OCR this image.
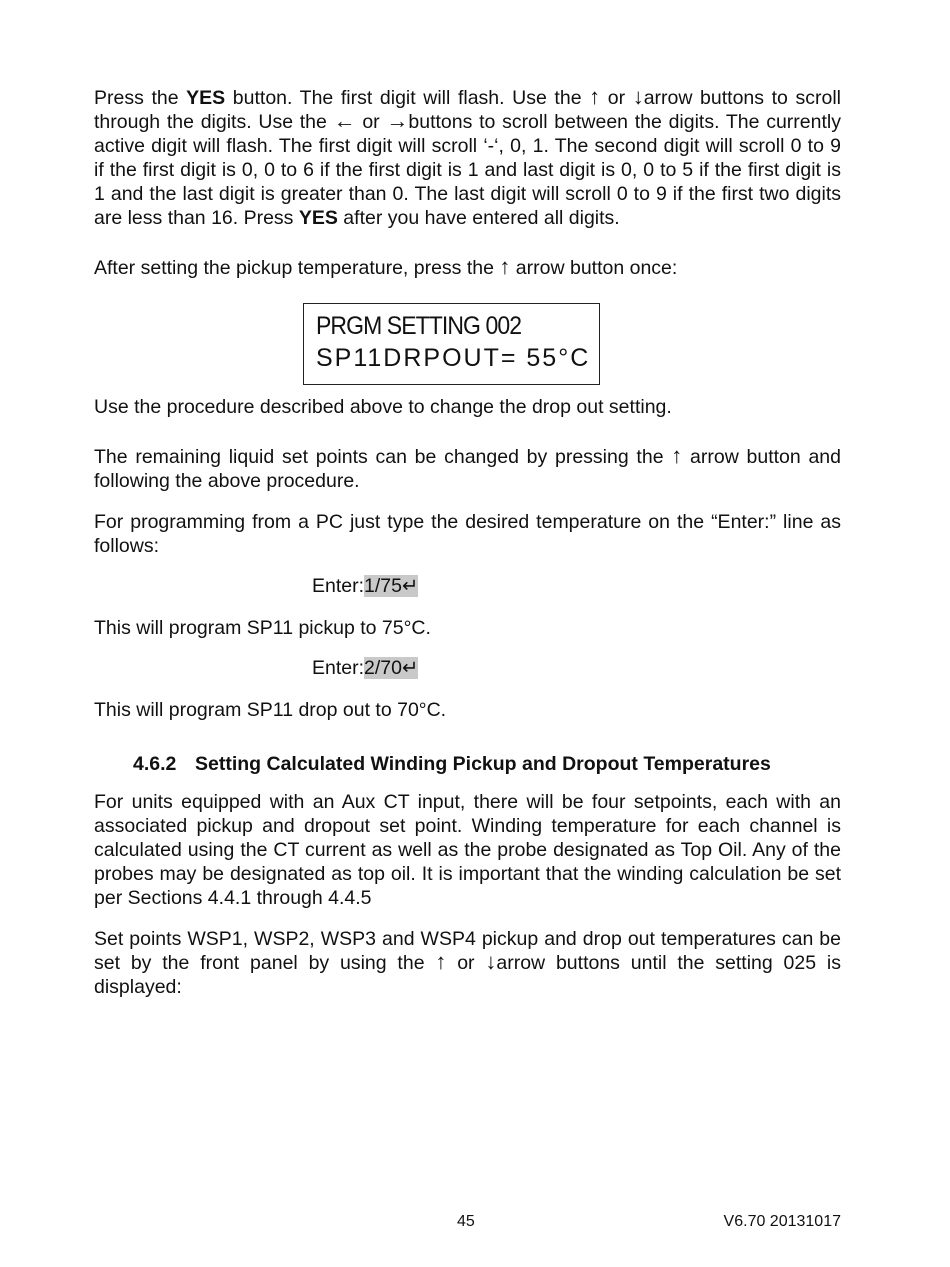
Press the YES button. The first digit will flash. Use the ↑ or ↓arrow buttons to scroll through the digits. Use the ← or →buttons to scroll between the digits. The currently active digit will flash. The first digit will scroll ‘-‘, 0, 1. The second digit will scroll 0 to 9 if the first digit is 0, 0 to 6 if the first digit is 1 and last digit is 0, 0 to 5 if the first digit is 1 and the last digit is greater than 0. The last digit will scroll 0 to 9 if the first two digits are less than 16. Press YES after you have entered all digits.

After setting the pickup temperature, press the ↑ arrow button once:

PRGM SETTING 002
SP11DRPOUT= 55°C

Use the procedure described above to change the drop out setting.

The remaining liquid set points can be changed by pressing the ↑ arrow button and following the above procedure.

For programming from a PC just type the desired temperature on the “Enter:” line as follows:

Enter:1/75↵

This will program SP11 pickup to 75°C.

Enter:2/70↵

This will program SP11 drop out to 70°C.

4.6.2 Setting Calculated Winding Pickup and Dropout Temperatures

For units equipped with an Aux CT input, there will be four setpoints, each with an associated pickup and dropout set point. Winding temperature for each channel is calculated using the CT current as well as the probe designated as Top Oil. Any of the probes may be designated as top oil. It is important that the winding calculation be set per Sections 4.4.1 through 4.4.5

Set points WSP1, WSP2, WSP3 and WSP4 pickup and drop out temperatures can be set by the front panel by using the ↑ or ↓arrow buttons until the setting 025 is displayed:

45	V6.70 20131017
